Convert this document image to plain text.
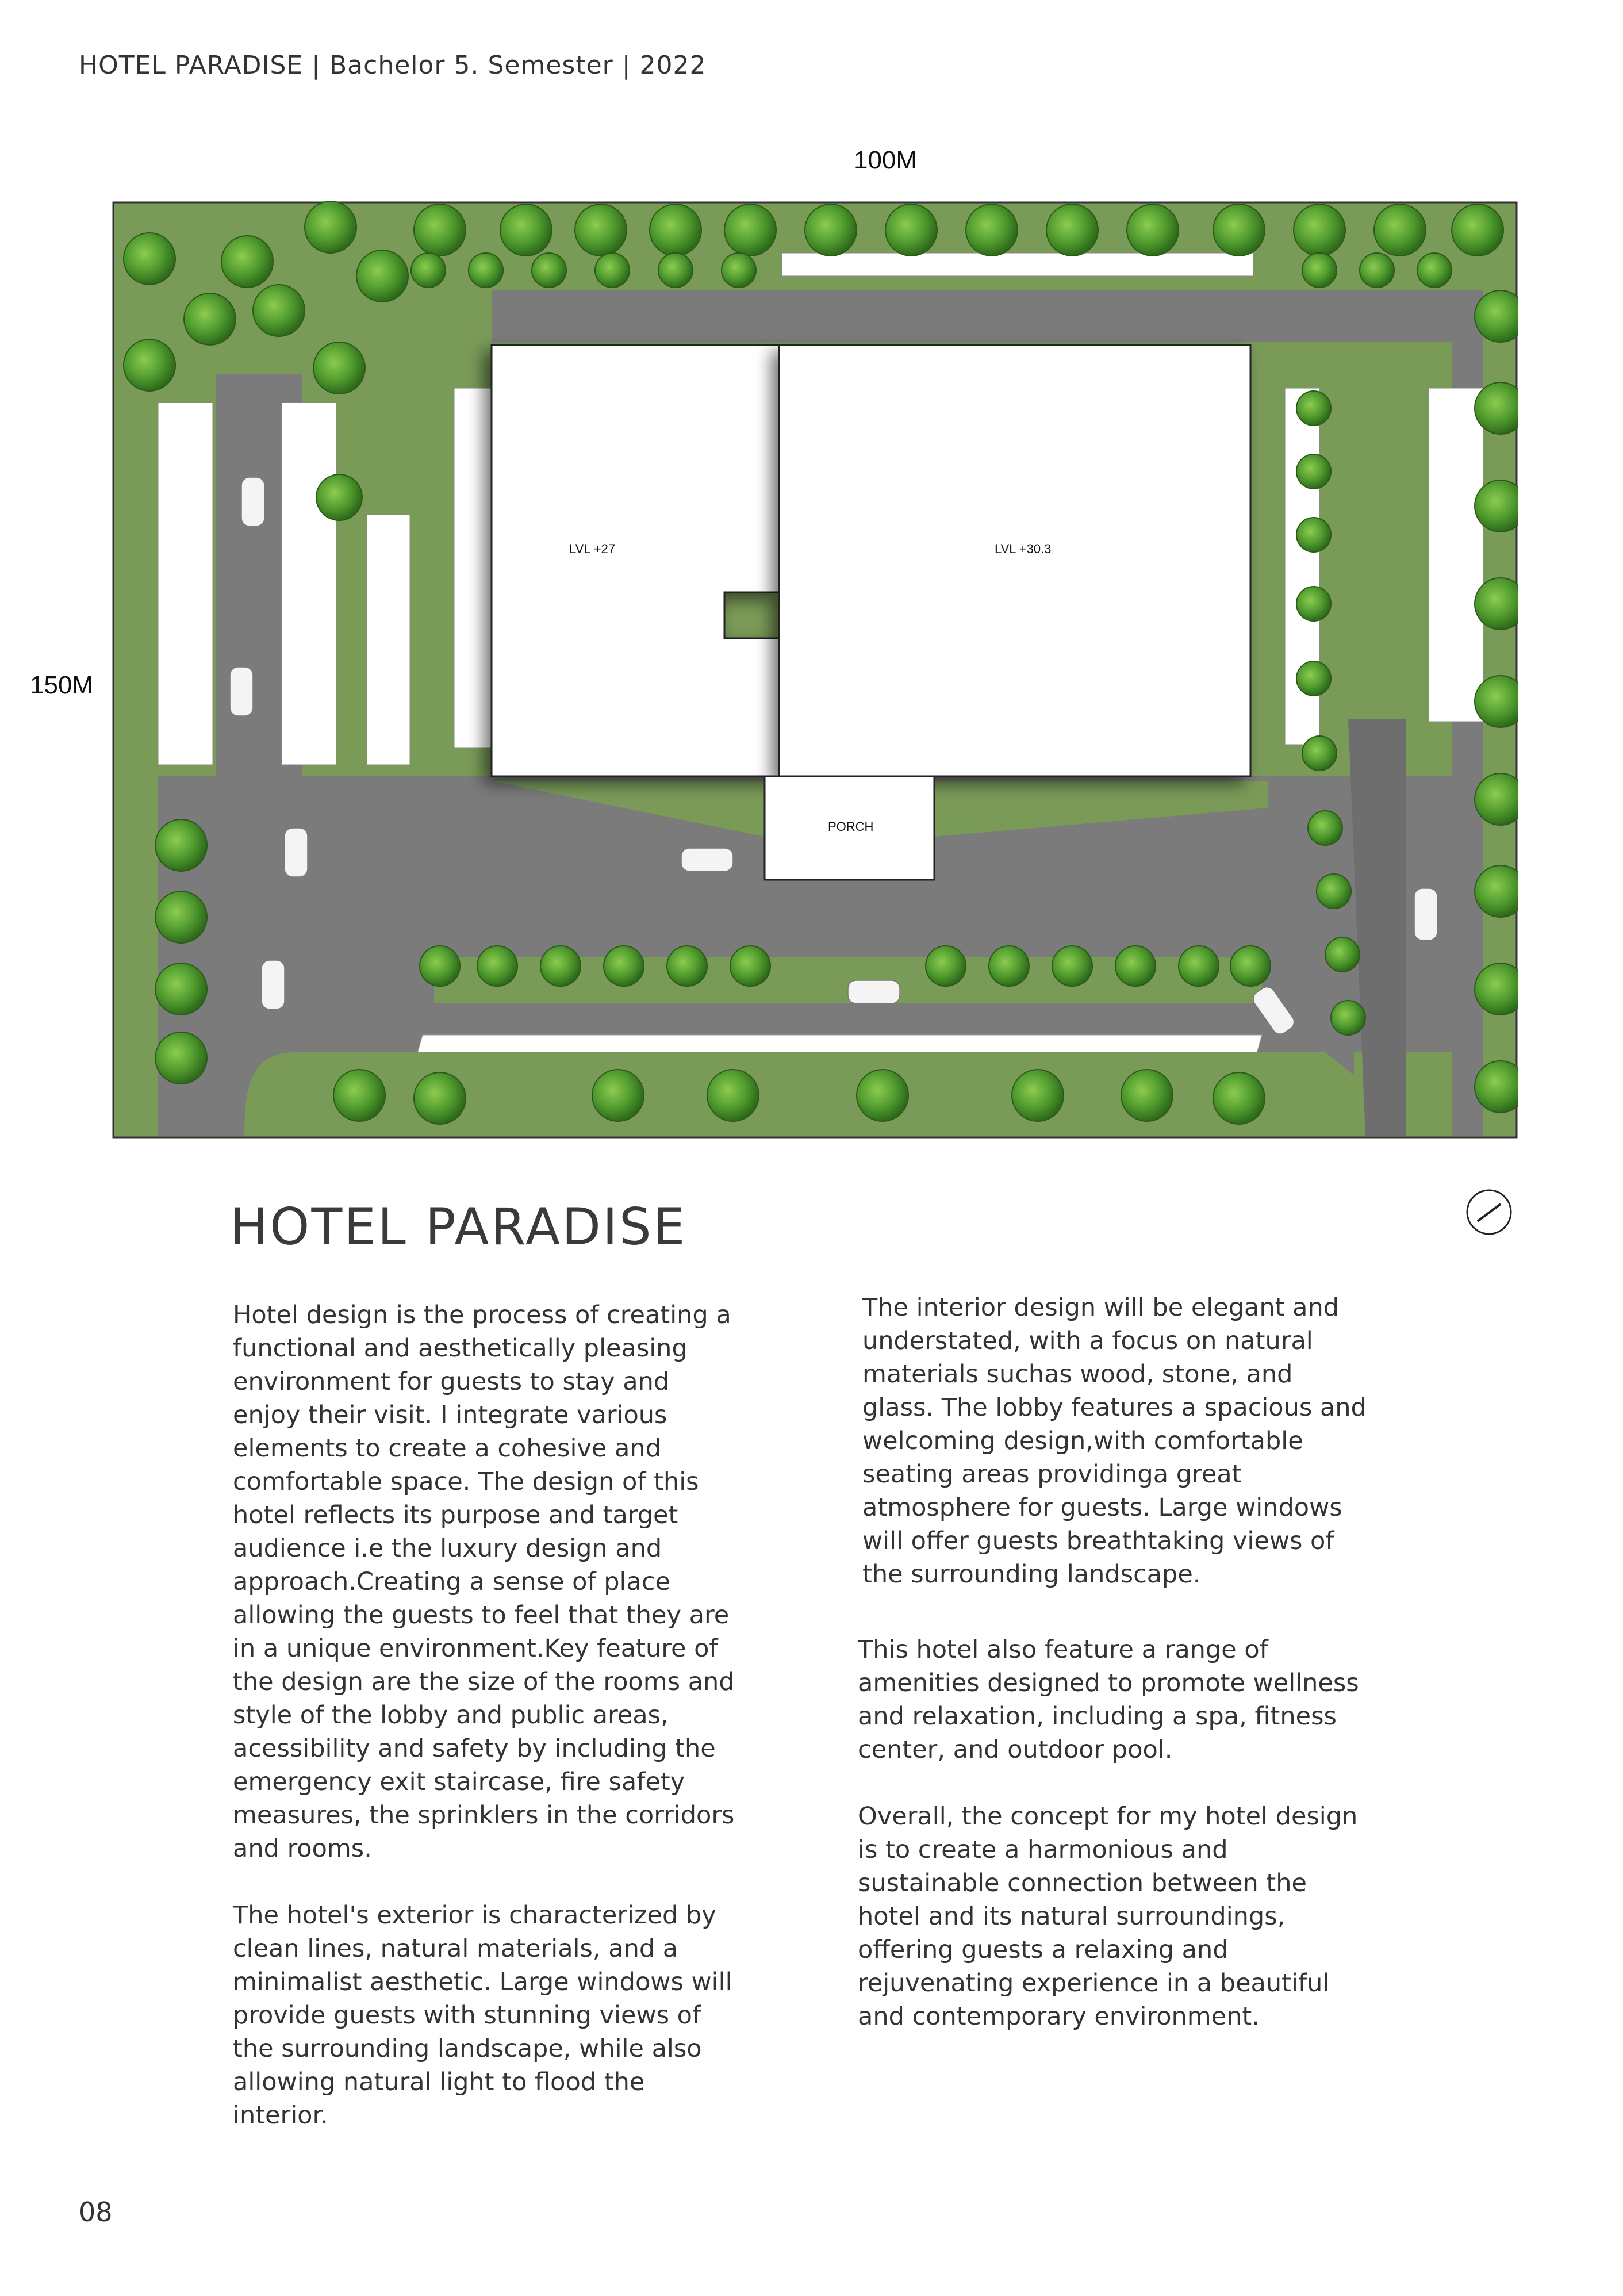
HOTEL PARADISE | Bachelor 5. Semester | 2022
100M
150M
LVL +27	LVL +30.3
PORCH
HOTEL PARADISE

Hotel design is the process of creating a functional and aesthetically pleasing environment for guests to stay and enjoy their visit. I integrate various elements to create a cohesive and comfortable space. The design of this hotel reflects its purpose and target audience i.e the luxury design and approach.Creating a sense of place allowing the guests to feel that they are in a unique environment.Key feature of the design are the size of the rooms and style of the lobby and public areas, acessibility and safety by including the emergency exit staircase, fire safety measures, the sprinklers in the corridors and rooms.

The hotel's exterior is characterized by clean lines, natural materials, and a minimalist aesthetic. Large windows will provide guests with stunning views of the surrounding landscape, while also allowing natural light to flood the interior.

The interior design will be elegant and understated, with a focus on natural materials suchas wood, stone, and glass. The lobby features a spacious and welcoming design,with comfortable seating areas providinga great atmosphere for guests. Large windows will offer guests breathtaking views of the surrounding landscape.

This hotel also feature a range of amenities designed to promote wellness and relaxation, including a spa, fitness center, and outdoor pool.

Overall, the concept for my hotel design is to create a harmonious and sustainable connection between the hotel and its natural surroundings, offering guests a relaxing and rejuvenating experience in a beautiful and contemporary environment.

08
